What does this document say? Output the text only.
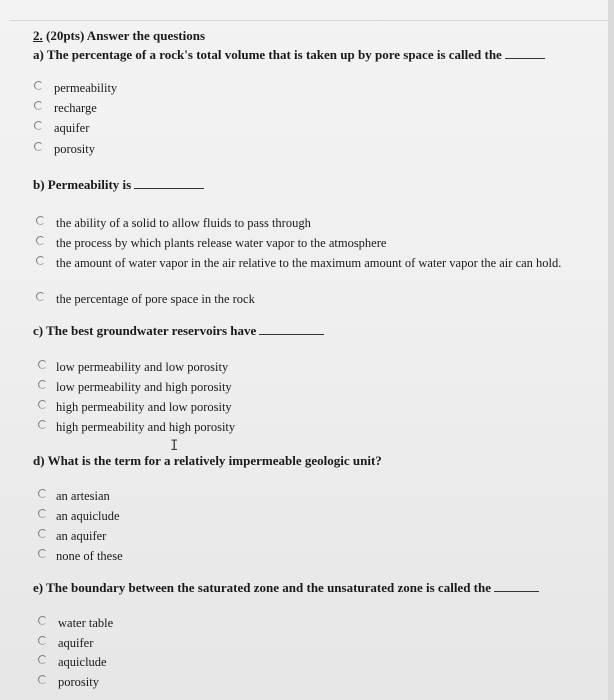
2. (20pts) Answer the questions
a) The percentage of a rock's total volume that is taken up by pore space is called the
permeability
recharge
aquifer
porosity
b) Permeability is
the ability of a solid to allow fluids to pass through
the process by which plants release water vapor to the atmosphere
the amount of water vapor in the air relative to the maximum amount of water vapor the air can hold.
the percentage of pore space in the rock
c) The best groundwater reservoirs have
low permeability and low porosity
low permeability and high porosity
high permeability and low porosity
high permeability and high porosity
d) What is the term for a relatively impermeable geologic unit?
I
an artesian
an aquiclude
an aquifer
none of these
e) The boundary between the saturated zone and the unsaturated zone is called the
water table
aquifer
aquiclude
porosity
